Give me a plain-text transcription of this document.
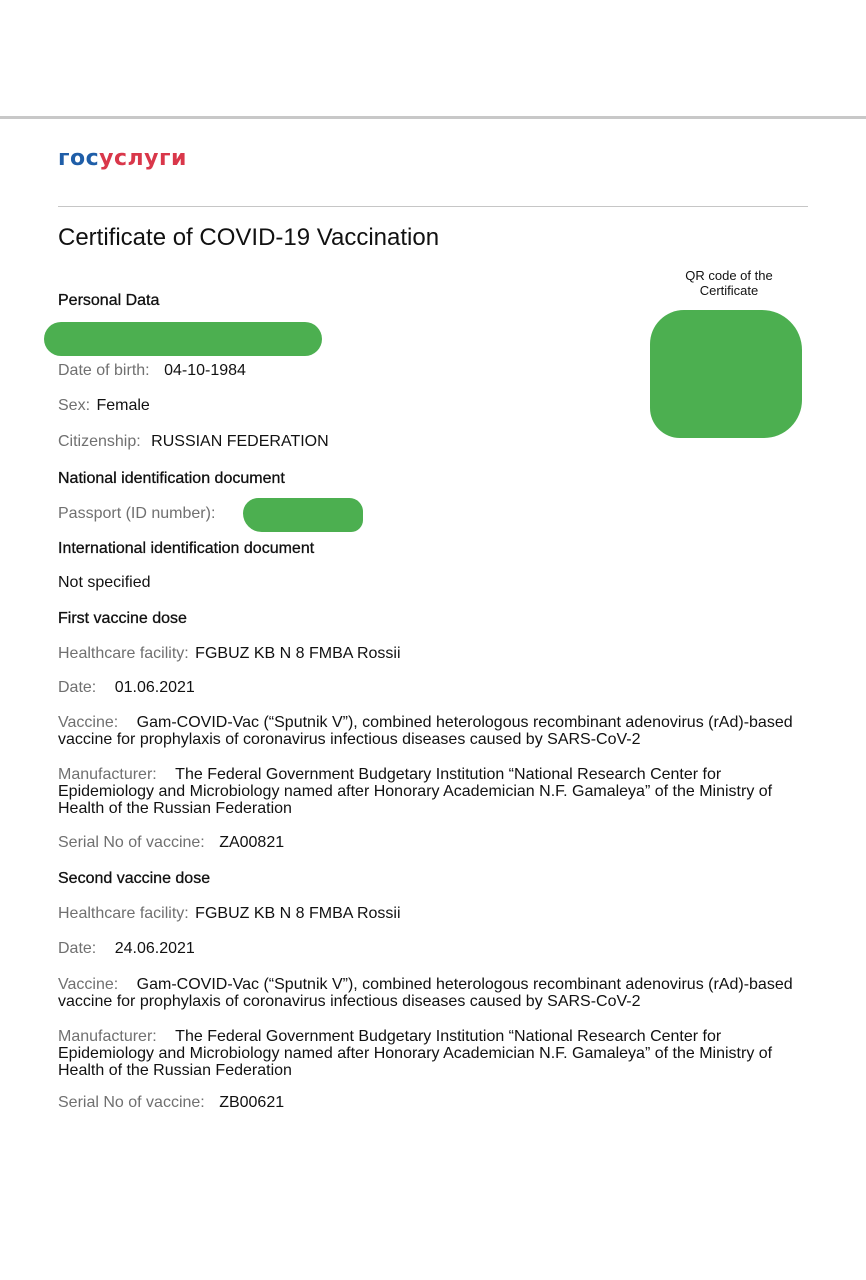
госуслуги
Certificate of COVID-19 Vaccination
QR code of the Certificate
Personal Data
Date of birth: 04-10-1984
Sex: Female
Citizenship: RUSSIAN FEDERATION
National identification document
Passport (ID number):
International identification document
Not specified
First vaccine dose
Healthcare facility: FGBUZ KB N 8 FMBA Rossii
Date: 01.06.2021
Vaccine: Gam-COVID-Vac (“Sputnik V”), combined heterologous recombinant adenovirus (rAd)-based vaccine for prophylaxis of coronavirus infectious diseases caused by SARS-CoV-2
Manufacturer: The Federal Government Budgetary Institution “National Research Center for Epidemiology and Microbiology named after Honorary Academician N.F. Gamaleya” of the Ministry of Health of the Russian Federation
Serial No of vaccine: ZA00821
Second vaccine dose
Healthcare facility: FGBUZ KB N 8 FMBA Rossii
Date: 24.06.2021
Vaccine: Gam-COVID-Vac (“Sputnik V”), combined heterologous recombinant adenovirus (rAd)-based vaccine for prophylaxis of coronavirus infectious diseases caused by SARS-CoV-2
Manufacturer: The Federal Government Budgetary Institution “National Research Center for Epidemiology and Microbiology named after Honorary Academician N.F. Gamaleya” of the Ministry of Health of the Russian Federation
Serial No of vaccine: ZB00621
